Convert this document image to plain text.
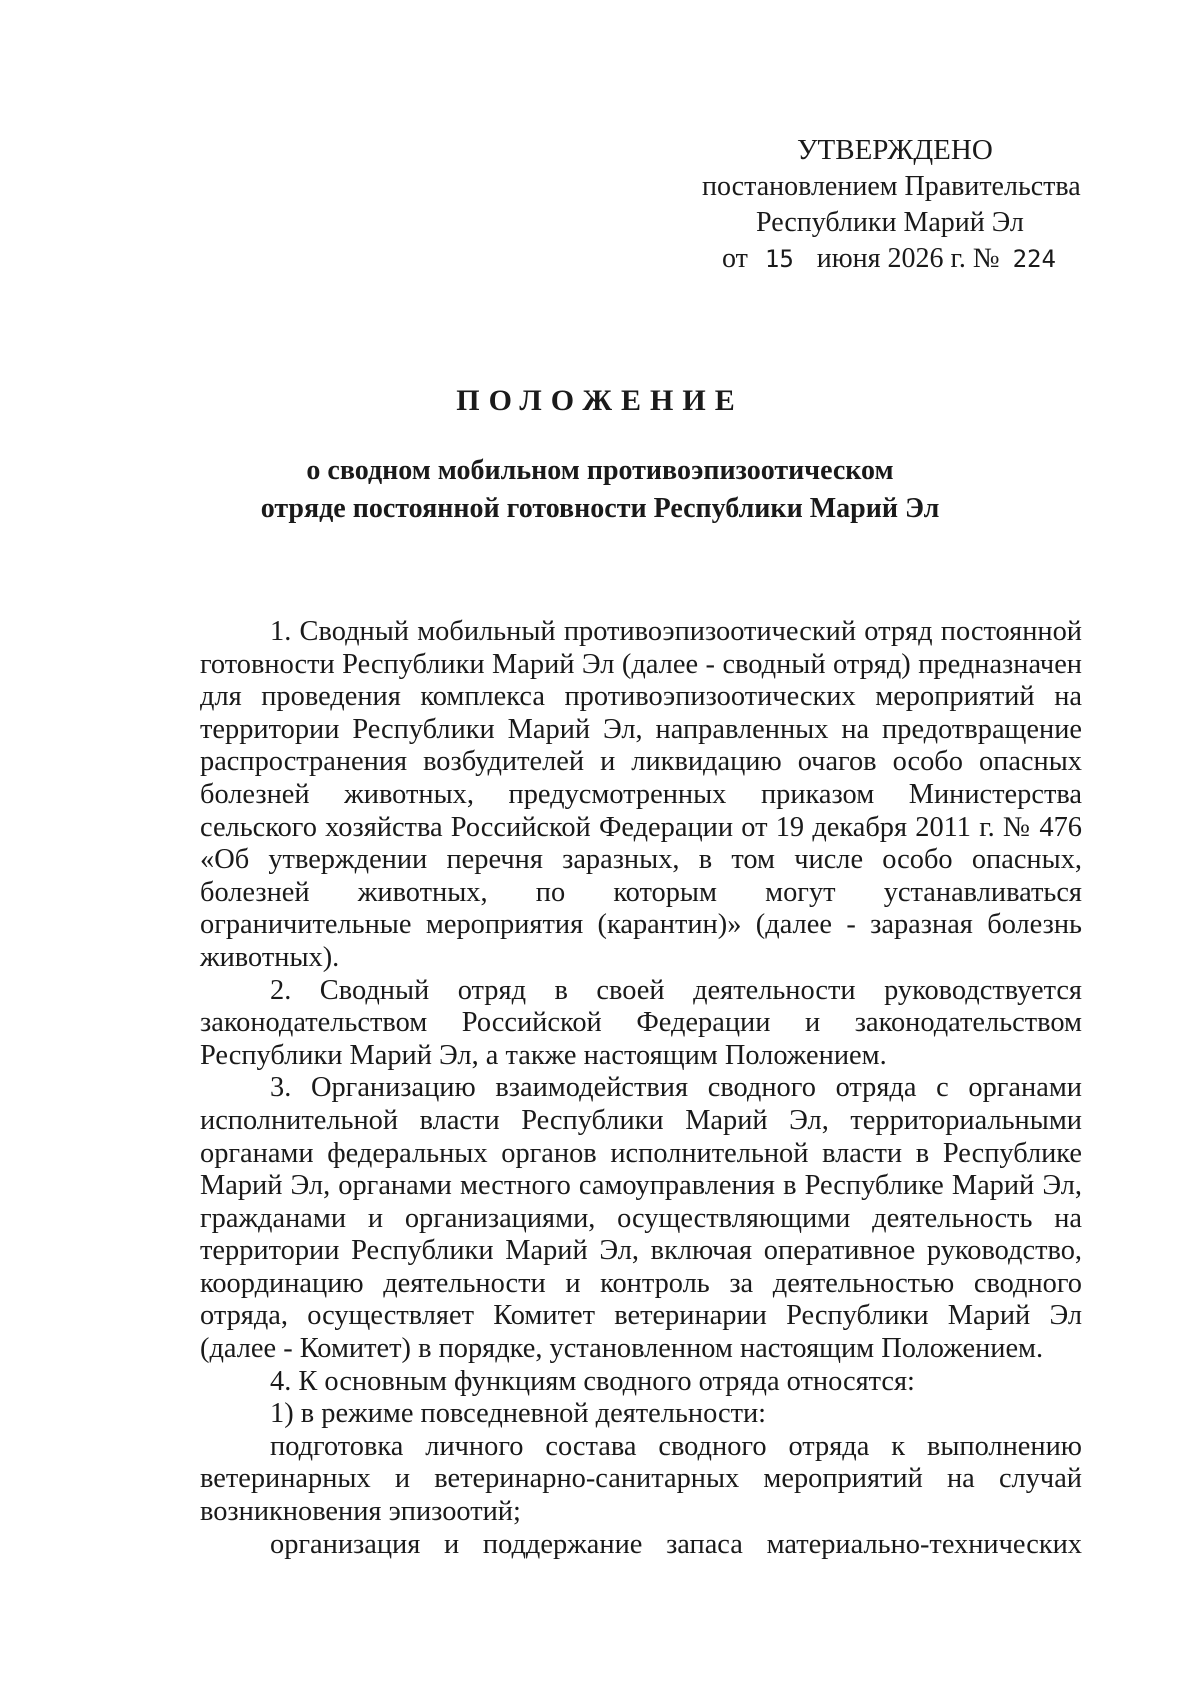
УТВЕРЖДЕНО
постановлением Правительства
Республики Марий Эл
от 15 июня 2026 г. № 224
ПОЛОЖЕНИЕ
о сводном мобильном противоэпизоотическом
отряде постоянной готовности Республики Марий Эл

1. Сводный мобильный противоэпизоотический отряд постоянной готовности Республики Марий Эл (далее - сводный отряд) предназначен для проведения комплекса противоэпизоотических мероприятий на территории Республики Марий Эл, направленных на предотвращение распространения возбудителей и ликвидацию очагов особо опасных болезней животных, предусмотренных приказом Министерства сельского хозяйства Российской Федерации от 19 декабря 2011 г. № 476 «Об утверждении перечня заразных, в том числе особо опасных, болезней животных, по которым могут устанавливаться ограничительные мероприятия (карантин)» (далее - заразная болезнь животных).

2. Сводный отряд в своей деятельности руководствуется законодательством Российской Федерации и законодательством Республики Марий Эл, а также настоящим Положением.

3. Организацию взаимодействия сводного отряда с органами исполнительной власти Республики Марий Эл, территориальными органами федеральных органов исполнительной власти в Республике Марий Эл, органами местного самоуправления в Республике Марий Эл, гражданами и организациями, осуществляющими деятельность на территории Республики Марий Эл, включая оперативное руководство, координацию деятельности и контроль за деятельностью сводного отряда, осуществляет Комитет ветеринарии Республики Марий Эл (далее - Комитет) в порядке, установленном настоящим Положением.

4. К основным функциям сводного отряда относятся:

1) в режиме повседневной деятельности:

подготовка личного состава сводного отряда к выполнению ветеринарных и ветеринарно-санитарных мероприятий на случай возникновения эпизоотий;

организация и поддержание запаса материально-технических
